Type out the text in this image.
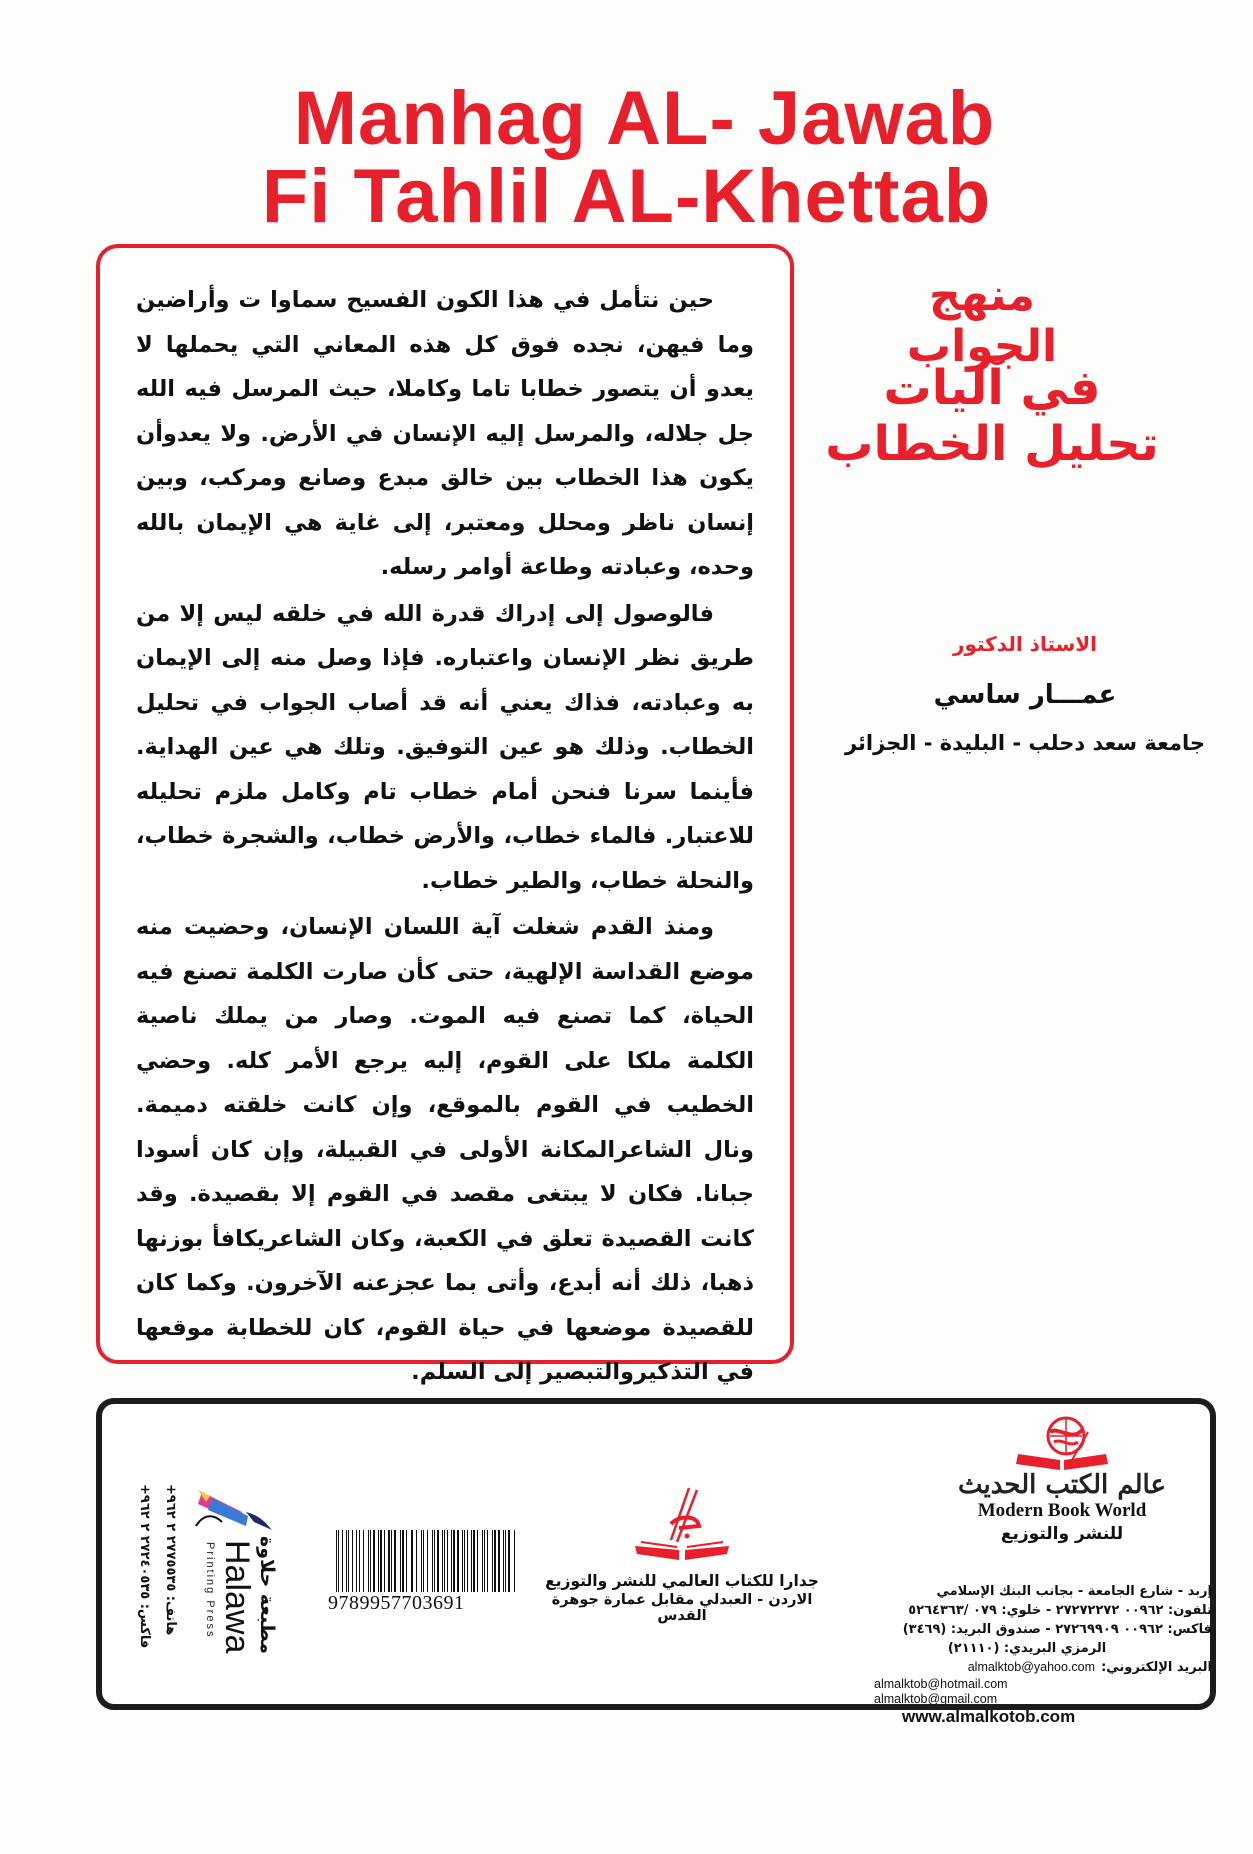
Manhag AL- Jawab
Fi Tahlil AL-Khettab

حين نتأمل في هذا الكون الفسيح سماوا ت وأراضين وما فيهن، نجده فوق كل هذه المعاني التي يحملها لا يعدو أن يتصور خطابا تاما وكاملا، حيث المرسل فيه الله جل جلاله، والمرسل إليه الإنسان في الأرض. ولا يعدوأن يكون هذا الخطاب بين خالق مبدع وصانع ومركب، وبين إنسان ناظر ومحلل ومعتبر، إلى غاية هي الإيمان بالله وحده، وعبادته وطاعة أوامر رسله.

فالوصول إلى إدراك قدرة الله في خلقه ليس إلا من طريق نظر الإنسان واعتباره. فإذا وصل منه إلى الإيمان به وعبادته، فذاك يعني أنه قد أصاب الجواب في تحليل الخطاب. وذلك هو عين التوفيق. وتلك هي عين الهداية. فأينما سرنا فنحن أمام خطاب تام وكامل ملزم تحليله للاعتبار. فالماء خطاب، والأرض خطاب، والشجرة خطاب، والنحلة خطاب، والطير خطاب.

ومنذ القدم شغلت آية اللسان الإنسان، وحضيت منه موضع القداسة الإلهية، حتى كأن صارت الكلمة تصنع فيه الحياة، كما تصنع فيه الموت. وصار من يملك ناصية الكلمة ملكا على القوم، إليه يرجع الأمر كله. وحضي الخطيب في القوم بالموقع، وإن كانت خلقته دميمة. ونال الشاعرالمكانة الأولى في القبيلة، وإن كان أسودا جبانا. فكان لا يبتغى مقصد في القوم إلا بقصيدة. وقد كانت القصيدة تعلق في الكعبة، وكان الشاعريكافأ بوزنها ذهبا، ذلك أنه أبدع، وأتى بما عجزعنه الآخرون. وكما كان للقصيدة موضعها في حياة القوم، كان للخطابة موقعها في التذكيروالتبصير إلى السلم.

منهج الجواب
في آليات تحليل الخطاب
الاستاذ الدكتور
عمـــار ساسي
جامعة سعد دحلب - البليدة - الجزائر
عالم الكتب الحديث
Modern Book World
للنشر والتوزيع
إربد - شارع الجامعة - بجانب البنك الإسلامي
تلفون: ٠٠٩٦٢ ٢٧٢٧٢٢٧٢ - خلوي: ٠٧٩ /٥٢٦٤٣٦٣
فاكس: ٠٠٩٦٢ ٢٧٢٦٩٩٠٩ - صندوق البريد: (٣٤٦٩)
الرمزي البريدي: (٢١١١٠)
البريد الإلكتروني:
almalktob@yahoo.com
almalktob@hotmail.com
almalktob@gmail.com
www.almalkotob.com
جدارا للكتاب العالمي للنشر والتوزيع
الاردن - العبدلي مقابل عمارة جوهرة القدس
9789957703691
مطبعة حلاوة
Halawa
Printing Press
هاتف: ٢٧٧٥٥٣٥ ٢ ٩٦٢+
فاكس: ٢٧٢٤٠٥٣٥ ٢ ٩٦٢+
